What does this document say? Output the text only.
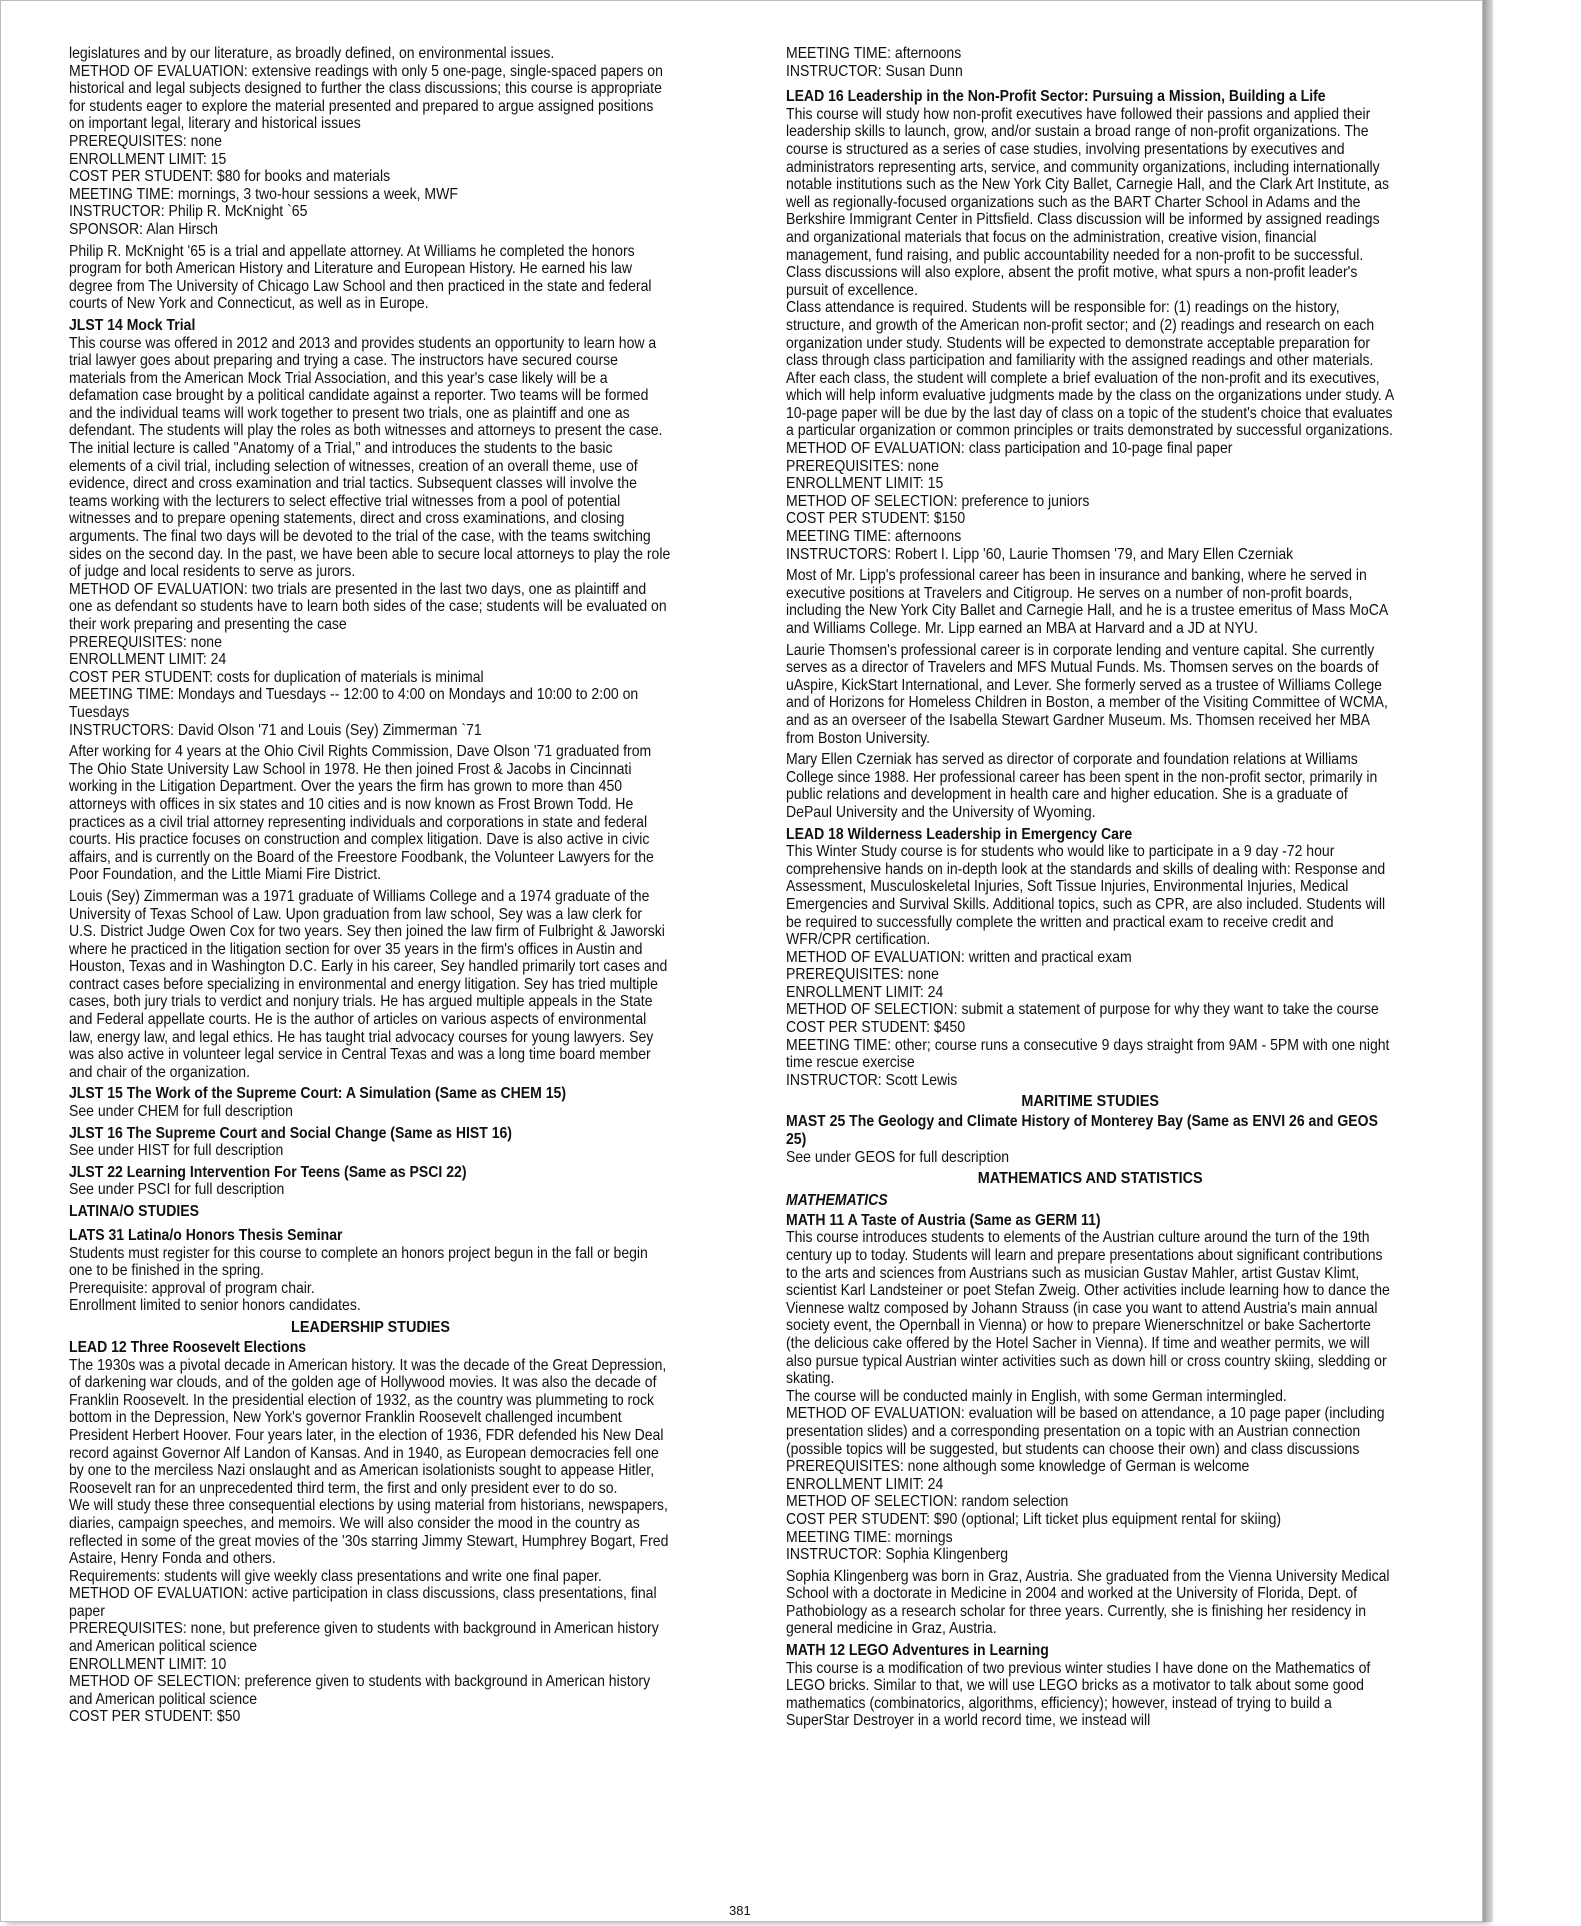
legislatures and by our literature, as broadly defined, on environmental issues.
METHOD OF EVALUATION: extensive readings with only 5 one-page, single-spaced papers on historical and legal subjects designed to further the class discussions; this course is appropriate for students eager to explore the material presented and prepared to argue assigned positions on important legal, literary and historical issues
PREREQUISITES: none
ENROLLMENT LIMIT: 15
COST PER STUDENT: $80 for books and materials
MEETING TIME: mornings, 3 two-hour sessions a week, MWF
INSTRUCTOR: Philip R. McKnight `65
SPONSOR: Alan Hirsch

Philip R. McKnight '65 is a trial and appellate attorney. At Williams he completed the honors program for both American History and Literature and European History. He earned his law degree from The University of Chicago Law School and then practiced in the state and federal courts of New York and Connecticut, as well as in Europe.

JLST 14 Mock Trial
This course was offered in 2012 and 2013 and provides students an opportunity to learn how a trial lawyer goes about preparing and trying a case. The instructors have secured course materials from the American Mock Trial Association, and this year's case likely will be a defamation case brought by a political candidate against a reporter. Two teams will be formed and the individual teams will work together to present two trials, one as plaintiff and one as defendant. The students will play the roles as both witnesses and attorneys to present the case. The initial lecture is called "Anatomy of a Trial," and introduces the students to the basic elements of a civil trial, including selection of witnesses, creation of an overall theme, use of evidence, direct and cross examination and trial tactics. Subsequent classes will involve the teams working with the lecturers to select effective trial witnesses from a pool of potential witnesses and to prepare opening statements, direct and cross examinations, and closing arguments. The final two days will be devoted to the trial of the case, with the teams switching sides on the second day. In the past, we have been able to secure local attorneys to play the role of judge and local residents to serve as jurors.
METHOD OF EVALUATION: two trials are presented in the last two days, one as plaintiff and one as defendant so students have to learn both sides of the case; students will be evaluated on their work preparing and presenting the case
PREREQUISITES: none
ENROLLMENT LIMIT: 24
COST PER STUDENT: costs for duplication of materials is minimal
MEETING TIME: Mondays and Tuesdays -- 12:00 to 4:00 on Mondays and 10:00 to 2:00 on Tuesdays
INSTRUCTORS: David Olson '71 and Louis (Sey) Zimmerman `71

After working for 4 years at the Ohio Civil Rights Commission, Dave Olson '71 graduated from The Ohio State University Law School in 1978. He then joined Frost & Jacobs in Cincinnati working in the Litigation Department. Over the years the firm has grown to more than 450 attorneys with offices in six states and 10 cities and is now known as Frost Brown Todd. He practices as a civil trial attorney representing individuals and corporations in state and federal courts. His practice focuses on construction and complex litigation. Dave is also active in civic affairs, and is currently on the Board of the Freestore Foodbank, the Volunteer Lawyers for the Poor Foundation, and the Little Miami Fire District.

Louis (Sey) Zimmerman was a 1971 graduate of Williams College and a 1974 graduate of the University of Texas School of Law. Upon graduation from law school, Sey was a law clerk for U.S. District Judge Owen Cox for two years. Sey then joined the law firm of Fulbright & Jaworski where he practiced in the litigation section for over 35 years in the firm's offices in Austin and Houston, Texas and in Washington D.C. Early in his career, Sey handled primarily tort cases and contract cases before specializing in environmental and energy litigation. Sey has tried multiple cases, both jury trials to verdict and nonjury trials. He has argued multiple appeals in the State and Federal appellate courts. He is the author of articles on various aspects of environmental law, energy law, and legal ethics. He has taught trial advocacy courses for young lawyers. Sey was also active in volunteer legal service in Central Texas and was a long time board member and chair of the organization.

JLST 15 The Work of the Supreme Court: A Simulation (Same as CHEM 15)

See under CHEM for full description

JLST 16 The Supreme Court and Social Change (Same as HIST 16)

See under HIST for full description

JLST 22 Learning Intervention For Teens (Same as PSCI 22)

See under PSCI for full description

LATINA/O STUDIES
LATS 31 Latina/o Honors Thesis Seminar
Students must register for this course to complete an honors project begun in the fall or begin one to be finished in the spring.
Prerequisite: approval of program chair.
Enrollment limited to senior honors candidates.
LEADERSHIP STUDIES
LEAD 12 Three Roosevelt Elections
The 1930s was a pivotal decade in American history. It was the decade of the Great Depression, of darkening war clouds, and of the golden age of Hollywood movies. It was also the decade of Franklin Roosevelt. In the presidential election of 1932, as the country was plummeting to rock bottom in the Depression, New York's governor Franklin Roosevelt challenged incumbent President Herbert Hoover. Four years later, in the election of 1936, FDR defended his New Deal record against Governor Alf Landon of Kansas. And in 1940, as European democracies fell one by one to the merciless Nazi onslaught and as American isolationists sought to appease Hitler, Roosevelt ran for an unprecedented third term, the first and only president ever to do so.
We will study these three consequential elections by using material from historians, newspapers, diaries, campaign speeches, and memoirs. We will also consider the mood in the country as reflected in some of the great movies of the '30s starring Jimmy Stewart, Humphrey Bogart, Fred Astaire, Henry Fonda and others.
Requirements: students will give weekly class presentations and write one final paper.
METHOD OF EVALUATION: active participation in class discussions, class presentations, final paper
PREREQUISITES: none, but preference given to students with background in American history and American political science
ENROLLMENT LIMIT: 10
METHOD OF SELECTION: preference given to students with background in American history and American political science
COST PER STUDENT: $50
MEETING TIME: afternoons
INSTRUCTOR: Susan Dunn
LEAD 16 Leadership in the Non-Profit Sector: Pursuing a Mission, Building a Life
This course will study how non-profit executives have followed their passions and applied their leadership skills to launch, grow, and/or sustain a broad range of non-profit organizations. The course is structured as a series of case studies, involving presentations by executives and administrators representing arts, service, and community organizations, including internationally notable institutions such as the New York City Ballet, Carnegie Hall, and the Clark Art Institute, as well as regionally-focused organizations such as the BART Charter School in Adams and the Berkshire Immigrant Center in Pittsfield. Class discussion will be informed by assigned readings and organizational materials that focus on the administration, creative vision, financial management, fund raising, and public accountability needed for a non-profit to be successful. Class discussions will also explore, absent the profit motive, what spurs a non-profit leader's pursuit of excellence.
Class attendance is required. Students will be responsible for: (1) readings on the history, structure, and growth of the American non-profit sector; and (2) readings and research on each organization under study. Students will be expected to demonstrate acceptable preparation for class through class participation and familiarity with the assigned readings and other materials. After each class, the student will complete a brief evaluation of the non-profit and its executives, which will help inform evaluative judgments made by the class on the organizations under study. A 10-page paper will be due by the last day of class on a topic of the student's choice that evaluates a particular organization or common principles or traits demonstrated by successful organizations.
METHOD OF EVALUATION: class participation and 10-page final paper
PREREQUISITES: none
ENROLLMENT LIMIT: 15
METHOD OF SELECTION: preference to juniors
COST PER STUDENT: $150
MEETING TIME: afternoons
INSTRUCTORS: Robert I. Lipp '60, Laurie Thomsen '79, and Mary Ellen Czerniak

Most of Mr. Lipp's professional career has been in insurance and banking, where he served in executive positions at Travelers and Citigroup. He serves on a number of non-profit boards, including the New York City Ballet and Carnegie Hall, and he is a trustee emeritus of Mass MoCA and Williams College. Mr. Lipp earned an MBA at Harvard and a JD at NYU.

Laurie Thomsen's professional career is in corporate lending and venture capital. She currently serves as a director of Travelers and MFS Mutual Funds. Ms. Thomsen serves on the boards of uAspire, KickStart International, and Lever. She formerly served as a trustee of Williams College and of Horizons for Homeless Children in Boston, a member of the Visiting Committee of WCMA, and as an overseer of the Isabella Stewart Gardner Museum. Ms. Thomsen received her MBA from Boston University.

Mary Ellen Czerniak has served as director of corporate and foundation relations at Williams College since 1988. Her professional career has been spent in the non-profit sector, primarily in public relations and development in health care and higher education. She is a graduate of DePaul University and the University of Wyoming.

LEAD 18 Wilderness Leadership in Emergency Care
This Winter Study course is for students who would like to participate in a 9 day -72 hour comprehensive hands on in-depth look at the standards and skills of dealing with: Response and Assessment, Musculoskeletal Injuries, Soft Tissue Injuries, Environmental Injuries, Medical Emergencies and Survival Skills. Additional topics, such as CPR, are also included. Students will be required to successfully complete the written and practical exam to receive credit and WFR/CPR certification.
METHOD OF EVALUATION: written and practical exam
PREREQUISITES: none
ENROLLMENT LIMIT: 24
METHOD OF SELECTION: submit a statement of purpose for why they want to take the course
COST PER STUDENT: $450
MEETING TIME: other; course runs a consecutive 9 days straight from 9AM - 5PM with one night time rescue exercise
INSTRUCTOR: Scott Lewis
MARITIME STUDIES
MAST 25 The Geology and Climate History of Monterey Bay (Same as ENVI 26 and GEOS 25)

See under GEOS for full description

MATHEMATICS AND STATISTICS
MATHEMATICS
MATH 11 A Taste of Austria (Same as GERM 11)
This course introduces students to elements of the Austrian culture around the turn of the 19th century up to today. Students will learn and prepare presentations about significant contributions to the arts and sciences from Austrians such as musician Gustav Mahler, artist Gustav Klimt, scientist Karl Landsteiner or poet Stefan Zweig. Other activities include learning how to dance the Viennese waltz composed by Johann Strauss (in case you want to attend Austria's main annual society event, the Opernball in Vienna) or how to prepare Wienerschnitzel or bake Sachertorte (the delicious cake offered by the Hotel Sacher in Vienna). If time and weather permits, we will also pursue typical Austrian winter activities such as down hill or cross country skiing, sledding or skating.
The course will be conducted mainly in English, with some German intermingled.
METHOD OF EVALUATION: evaluation will be based on attendance, a 10 page paper (including presentation slides) and a corresponding presentation on a topic with an Austrian connection (possible topics will be suggested, but students can choose their own) and class discussions
PREREQUISITES: none although some knowledge of German is welcome
ENROLLMENT LIMIT: 24
METHOD OF SELECTION: random selection
COST PER STUDENT: $90 (optional; Lift ticket plus equipment rental for skiing)
MEETING TIME: mornings
INSTRUCTOR: Sophia Klingenberg

Sophia Klingenberg was born in Graz, Austria. She graduated from the Vienna University Medical School with a doctorate in Medicine in 2004 and worked at the University of Florida, Dept. of Pathobiology as a research scholar for three years. Currently, she is finishing her residency in general medicine in Graz, Austria.

MATH 12 LEGO Adventures in Learning

This course is a modification of two previous winter studies I have done on the Mathematics of LEGO bricks. Similar to that, we will use LEGO bricks as a motivator to talk about some good mathematics (combinatorics, algorithms, efficiency); however, instead of trying to build a SuperStar Destroyer in a world record time, we instead will

381
